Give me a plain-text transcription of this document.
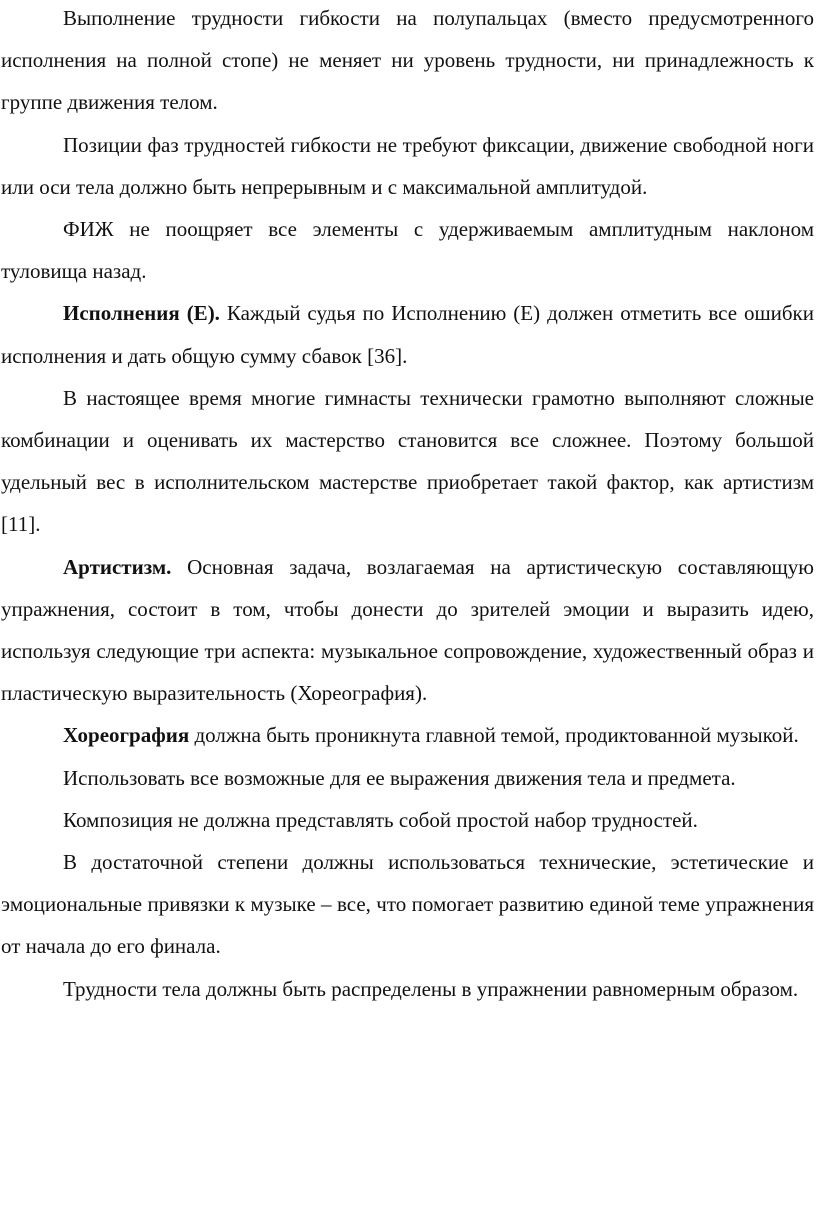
Выполнение трудности гибкости на полупальцах (вместо предусмотренного исполнения на полной стопе) не меняет ни уровень трудности, ни принадлежность к группе движения телом.

Позиции фаз трудностей гибкости не требуют фиксации, движение свободной ноги или оси тела должно быть непрерывным и с максимальной амплитудой.

ФИЖ не поощряет все элементы с удерживаемым амплитудным наклоном туловища назад.

Исполнения (Е). Каждый судья по Исполнению (Е) должен отметить все ошибки исполнения и дать общую сумму сбавок [36].

В настоящее время многие гимнасты технически грамотно выполняют сложные комбинации и оценивать их мастерство становится все сложнее. Поэтому большой удельный вес в исполнительском мастерстве приобретает такой фактор, как артистизм [11].

Артистизм. Основная задача, возлагаемая на артистическую составляющую упражнения, состоит в том, чтобы донести до зрителей эмоции и выразить идею, используя следующие три аспекта: музыкальное сопровождение, художественный образ и пластическую выразительность (Хореография).

Хореография должна быть проникнута главной темой, продиктованной музыкой.

Использовать все возможные для ее выражения движения тела и предмета.

Композиция не должна представлять собой простой набор трудностей.

В достаточной степени должны использоваться технические, эстетические и эмоциональные привязки к музыке – все, что помогает развитию единой теме упражнения от начала до его финала.

Трудности тела должны быть распределены в упражнении равномерным образом.
